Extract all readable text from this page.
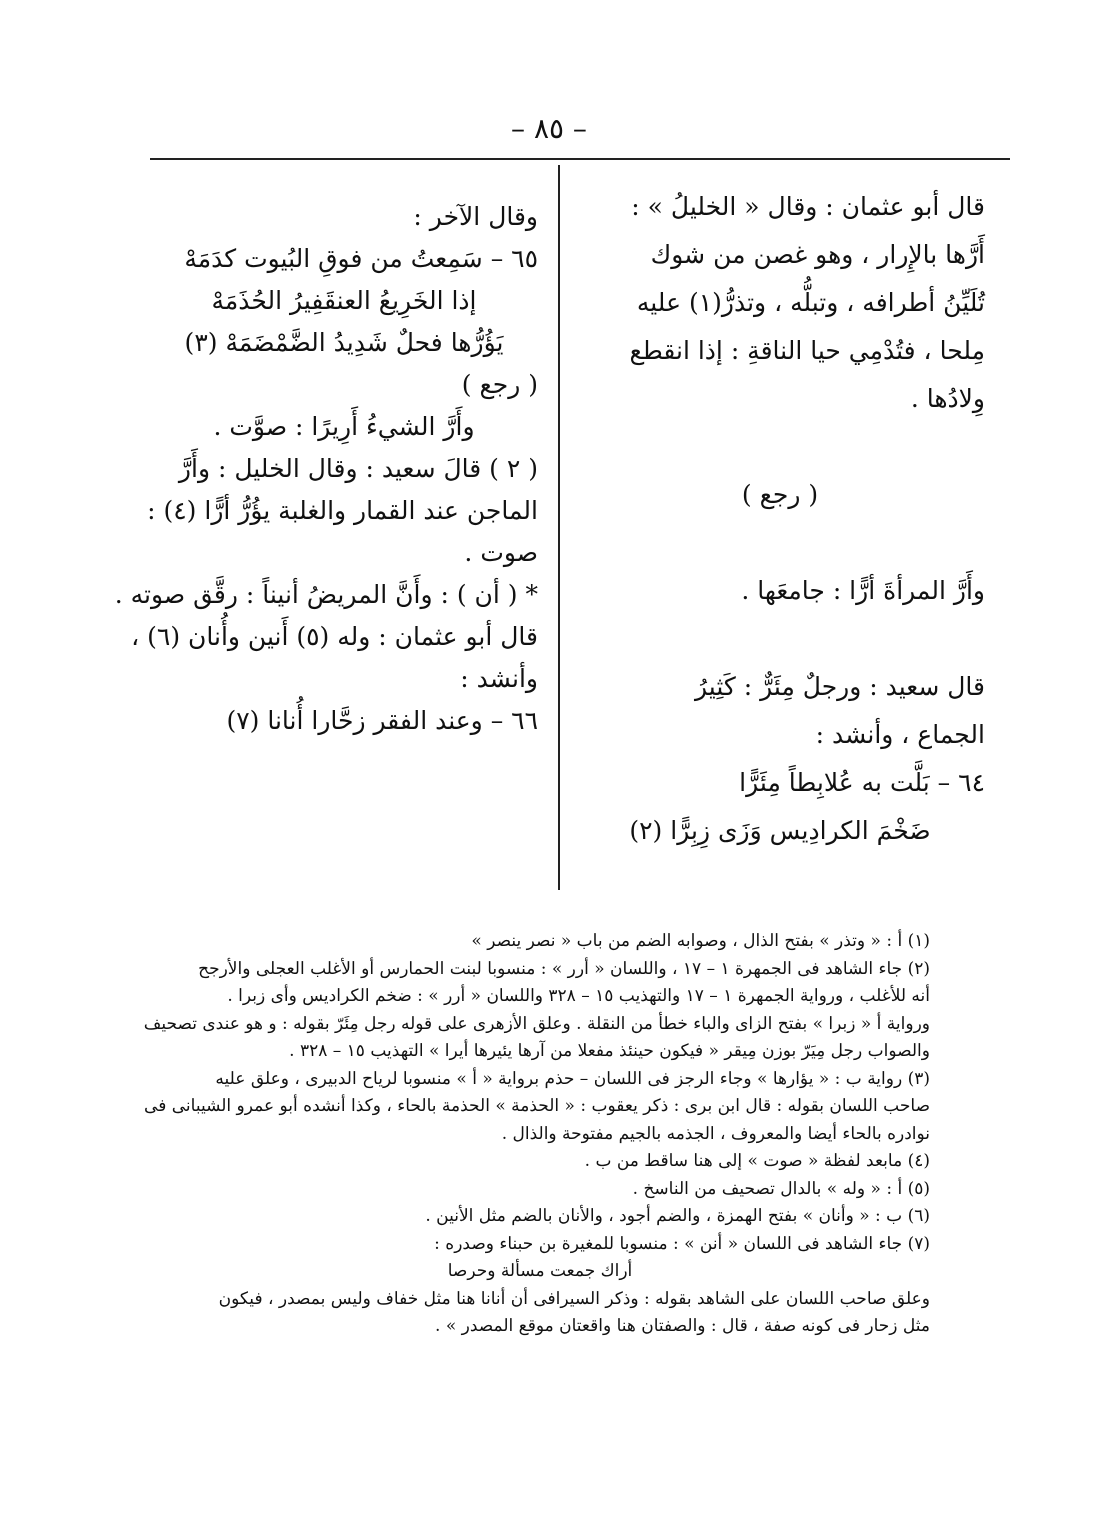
– ٨٥ –

قال أبو عثمان : وقال « الخليلُ » :

أَرَّها بالإِرار ، وهو غصن من شوك

تُلَيِّنُ أطرافه ، وتبلُّه ، وتذرُّ(١) عليه

مِلحا ، فتُدْمِي حيا الناقةِ : إذا انقطع

وِلادُها .

( رجع )

وأَرَّ المرأةَ أرًّا : جامعَها .

قال سعيد : ورجلٌ مِئَرٌّ : كَثِيرُ

الجماع ، وأنشد :

٦٤ – بَلَّت به عُلابِطاً مِئَرًّا

ضَخْمَ الكرادِيس وَزَى زِبِرًّا (٢)

وقال الآخر :

٦٥ – سَمِعتُ من فوقِ البُيوت كدَمَهْ

إذا الخَرِيعُ العنقَفِيرُ الحُذَمَهْ

يَؤُرُّها فحلٌ شَدِيدُ الضَّمْضَمَهْ (٣)

( رجع )

وأَرَّ الشيءُ أَرِيرًا : صوَّت .

( ٢ ) قالَ سعيد : وقال الخليل : وأَرَّ

الماجن عند القمار والغلبة يؤُرُّ أرًّا (٤) :

صوت .

* ( أن ) : وأَنَّ المريضُ أنيناً : رقَّق صوته .

قال أبو عثمان : وله (٥) أَنين وأُنان (٦) ،

وأنشد :

٦٦ – وعند الفقر زحَّارا أُنانا (٧)

(١) أ : « وتذر » بفتح الذال ، وصوابه الضم من باب « نصر ينصر »

(٢) جاء الشاهد فى الجمهرة ١ – ١٧ ، واللسان « أرر » : منسوبا لبنت الحمارس أو الأغلب العجلى والأرجح

أنه للأغلب ، ورواية الجمهرة ١ – ١٧ والتهذيب ١٥ – ٣٢٨ واللسان « أرر » : ضخم الكراديس وأى زبرا .

ورواية أ « زبرا » بفتح الزاى والباء خطأ من النقلة . وعلق الأزهرى على قوله رجل مِئَرّ بقوله : و هو عندى تصحيف

والصواب رجل مِيَرّ بوزن مِيقر « فيكون حينئذ مفعلا من آرها يئيرها أيرا » التهذيب ١٥ – ٣٢٨ .

(٣) رواية ب : « يؤارها » وجاء الرجز فى اللسان – حذم برواية « أ » منسوبا لرياح الدبيرى ، وعلق عليه

صاحب اللسان بقوله : قال ابن برى : ذكر يعقوب : « الحذمة » الحذمة بالحاء ، وكذا أنشده أبو عمرو الشيبانى فى

نوادره بالحاء أيضا والمعروف ، الجذمه بالجيم مفتوحة والذال .

(٤) مابعد لفظة « صوت » إلى هنا ساقط من ب .

(٥) أ : « وله » بالدال تصحيف من الناسخ .

(٦) ب : « وأنان » بفتح الهمزة ، والضم أجود ، والأنان بالضم مثل الأنين .

(٧) جاء الشاهد فى اللسان « أنن » : منسوبا للمغيرة بن حبناء وصدره :

أراك جمعت مسألة وحرصا

وعلق صاحب اللسان على الشاهد بقوله : وذكر السيرافى أن أنانا هنا مثل خفاف وليس بمصدر ، فيكون

مثل زحار فى كونه صفة ، قال : والصفتان هنا واقعتان موقع المصدر » .
